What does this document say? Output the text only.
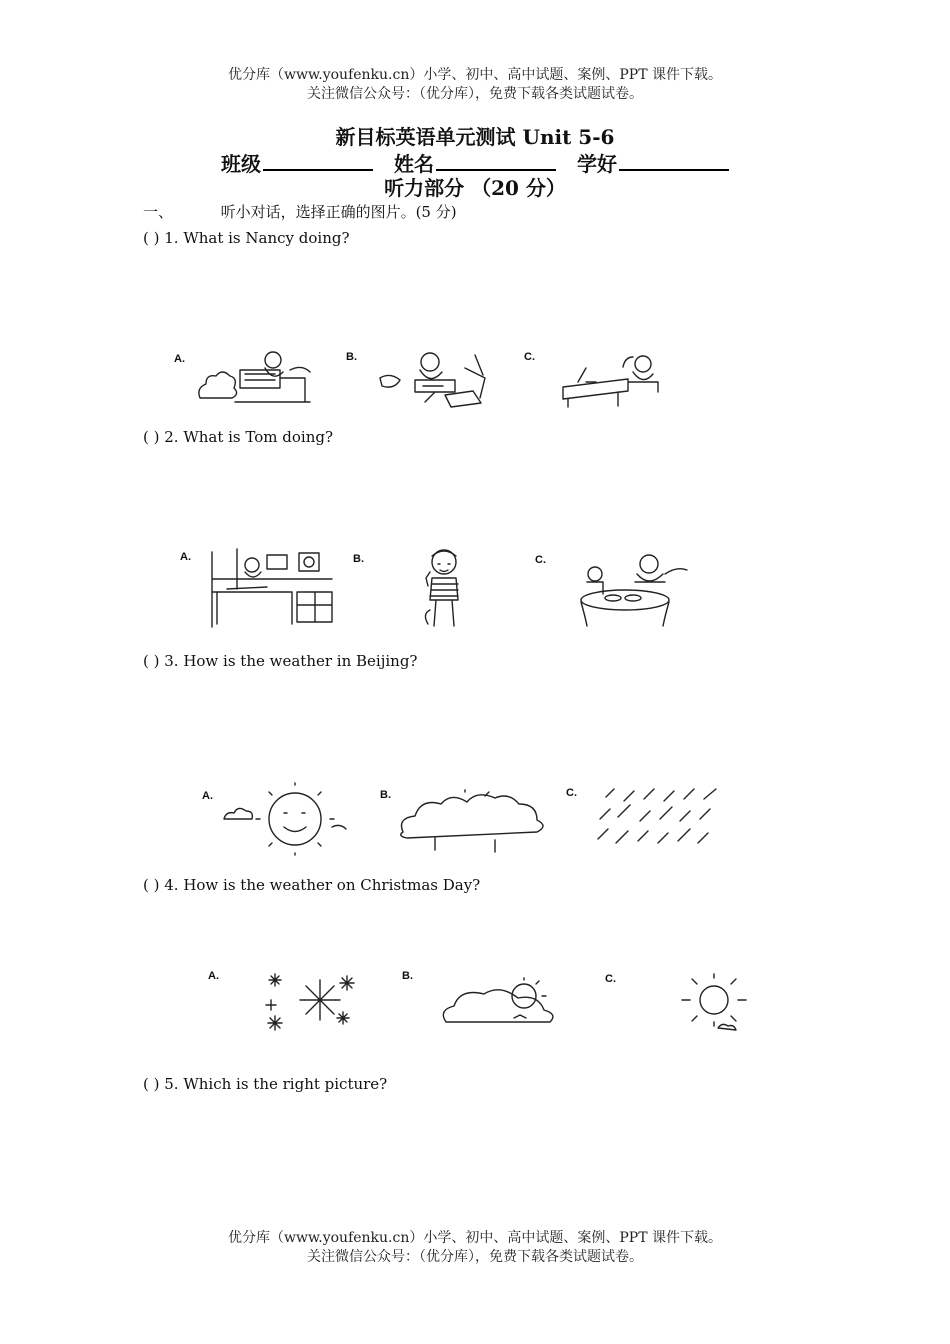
优分库（www.youfenku.cn）小学、初中、高中试题、案例、PPT 课件下载。
关注微信公众号：（优分库），免费下载各类试题试卷。
新目标英语单元测试 Unit 5-6
班级	姓名	学好
听力部分 （20 分）
一、	听小对话，选择正确的图片。(5 分)
( ) 1. What is Nancy doing?
A.	B.	C.
( ) 2. What is Tom doing?
A.	B.	C.
( ) 3. How is the weather in Beijing?
A.	B.	C.
( ) 4. How is the weather on Christmas Day?
A.	B.	C.
( ) 5. Which is the right picture?
优分库（www.youfenku.cn）小学、初中、高中试题、案例、PPT 课件下载。
关注微信公众号：（优分库），免费下载各类试题试卷。
